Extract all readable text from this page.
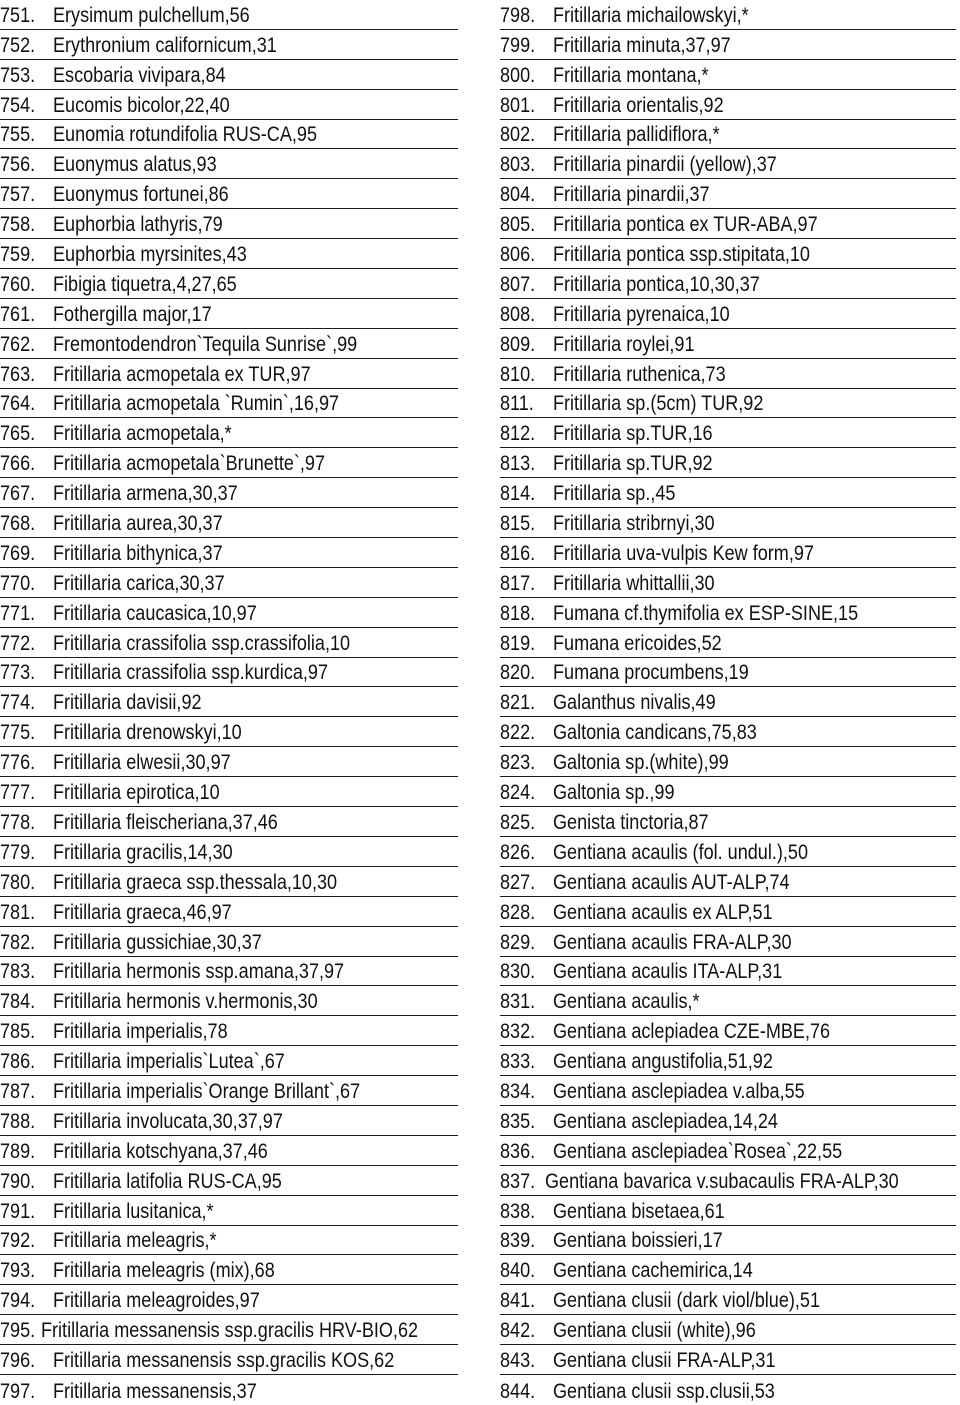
751. Erysimum pulchellum,56
752. Erythronium californicum,31
753. Escobaria vivipara,84
754. Eucomis bicolor,22,40
755. Eunomia rotundifolia RUS-CA,95
756. Euonymus alatus,93
757. Euonymus fortunei,86
758. Euphorbia lathyris,79
759. Euphorbia myrsinites,43
760. Fibigia tiquetra,4,27,65
761. Fothergilla major,17
762. Fremontodendron`Tequila Sunrise`,99
763. Fritillaria acmopetala ex TUR,97
764. Fritillaria acmopetala `Rumin`,16,97
765. Fritillaria acmopetala,*
766. Fritillaria acmopetala`Brunette`,97
767. Fritillaria armena,30,37
768. Fritillaria aurea,30,37
769. Fritillaria bithynica,37
770. Fritillaria carica,30,37
771. Fritillaria caucasica,10,97
772. Fritillaria crassifolia ssp.crassifolia,10
773. Fritillaria crassifolia ssp.kurdica,97
774. Fritillaria davisii,92
775. Fritillaria drenowskyi,10
776. Fritillaria elwesii,30,97
777. Fritillaria epirotica,10
778. Fritillaria fleischeriana,37,46
779. Fritillaria gracilis,14,30
780. Fritillaria graeca ssp.thessala,10,30
781. Fritillaria graeca,46,97
782. Fritillaria gussichiae,30,37
783. Fritillaria hermonis ssp.amana,37,97
784. Fritillaria hermonis v.hermonis,30
785. Fritillaria imperialis,78
786. Fritillaria imperialis`Lutea`,67
787. Fritillaria imperialis`Orange Brillant`,67
788. Fritillaria involucata,30,37,97
789. Fritillaria kotschyana,37,46
790. Fritillaria latifolia RUS-CA,95
791. Fritillaria lusitanica,*
792. Fritillaria meleagris,*
793. Fritillaria meleagris (mix),68
794. Fritillaria meleagroides,97
795. Fritillaria messanensis ssp.gracilis HRV-BIO,62
796. Fritillaria messanensis ssp.gracilis KOS,62
797. Fritillaria messanensis,37
798. Fritillaria michailowskyi,*
799. Fritillaria minuta,37,97
800. Fritillaria montana,*
801. Fritillaria orientalis,92
802. Fritillaria pallidiflora,*
803. Fritillaria pinardii (yellow),37
804. Fritillaria pinardii,37
805. Fritillaria pontica ex TUR-ABA,97
806. Fritillaria pontica ssp.stipitata,10
807. Fritillaria pontica,10,30,37
808. Fritillaria pyrenaica,10
809. Fritillaria roylei,91
810. Fritillaria ruthenica,73
811. Fritillaria sp.(5cm) TUR,92
812. Fritillaria sp.TUR,16
813. Fritillaria sp.TUR,92
814. Fritillaria sp.,45
815. Fritillaria stribrnyi,30
816. Fritillaria uva-vulpis Kew form,97
817. Fritillaria whittallii,30
818. Fumana cf.thymifolia ex ESP-SINE,15
819. Fumana ericoides,52
820. Fumana procumbens,19
821. Galanthus nivalis,49
822. Galtonia candicans,75,83
823. Galtonia sp.(white),99
824. Galtonia sp.,99
825. Genista tinctoria,87
826. Gentiana acaulis (fol. undul.),50
827. Gentiana acaulis AUT-ALP,74
828. Gentiana acaulis ex ALP,51
829. Gentiana acaulis FRA-ALP,30
830. Gentiana acaulis ITA-ALP,31
831. Gentiana acaulis,*
832. Gentiana aclepiadea CZE-MBE,76
833. Gentiana angustifolia,51,92
834. Gentiana asclepiadea v.alba,55
835. Gentiana asclepiadea,14,24
836. Gentiana asclepiadea`Rosea`,22,55
837. Gentiana bavarica v.subacaulis FRA-ALP,30
838. Gentiana bisetaea,61
839. Gentiana boissieri,17
840. Gentiana cachemirica,14
841. Gentiana clusii (dark viol/blue),51
842. Gentiana clusii (white),96
843. Gentiana clusii FRA-ALP,31
844. Gentiana clusii ssp.clusii,53
